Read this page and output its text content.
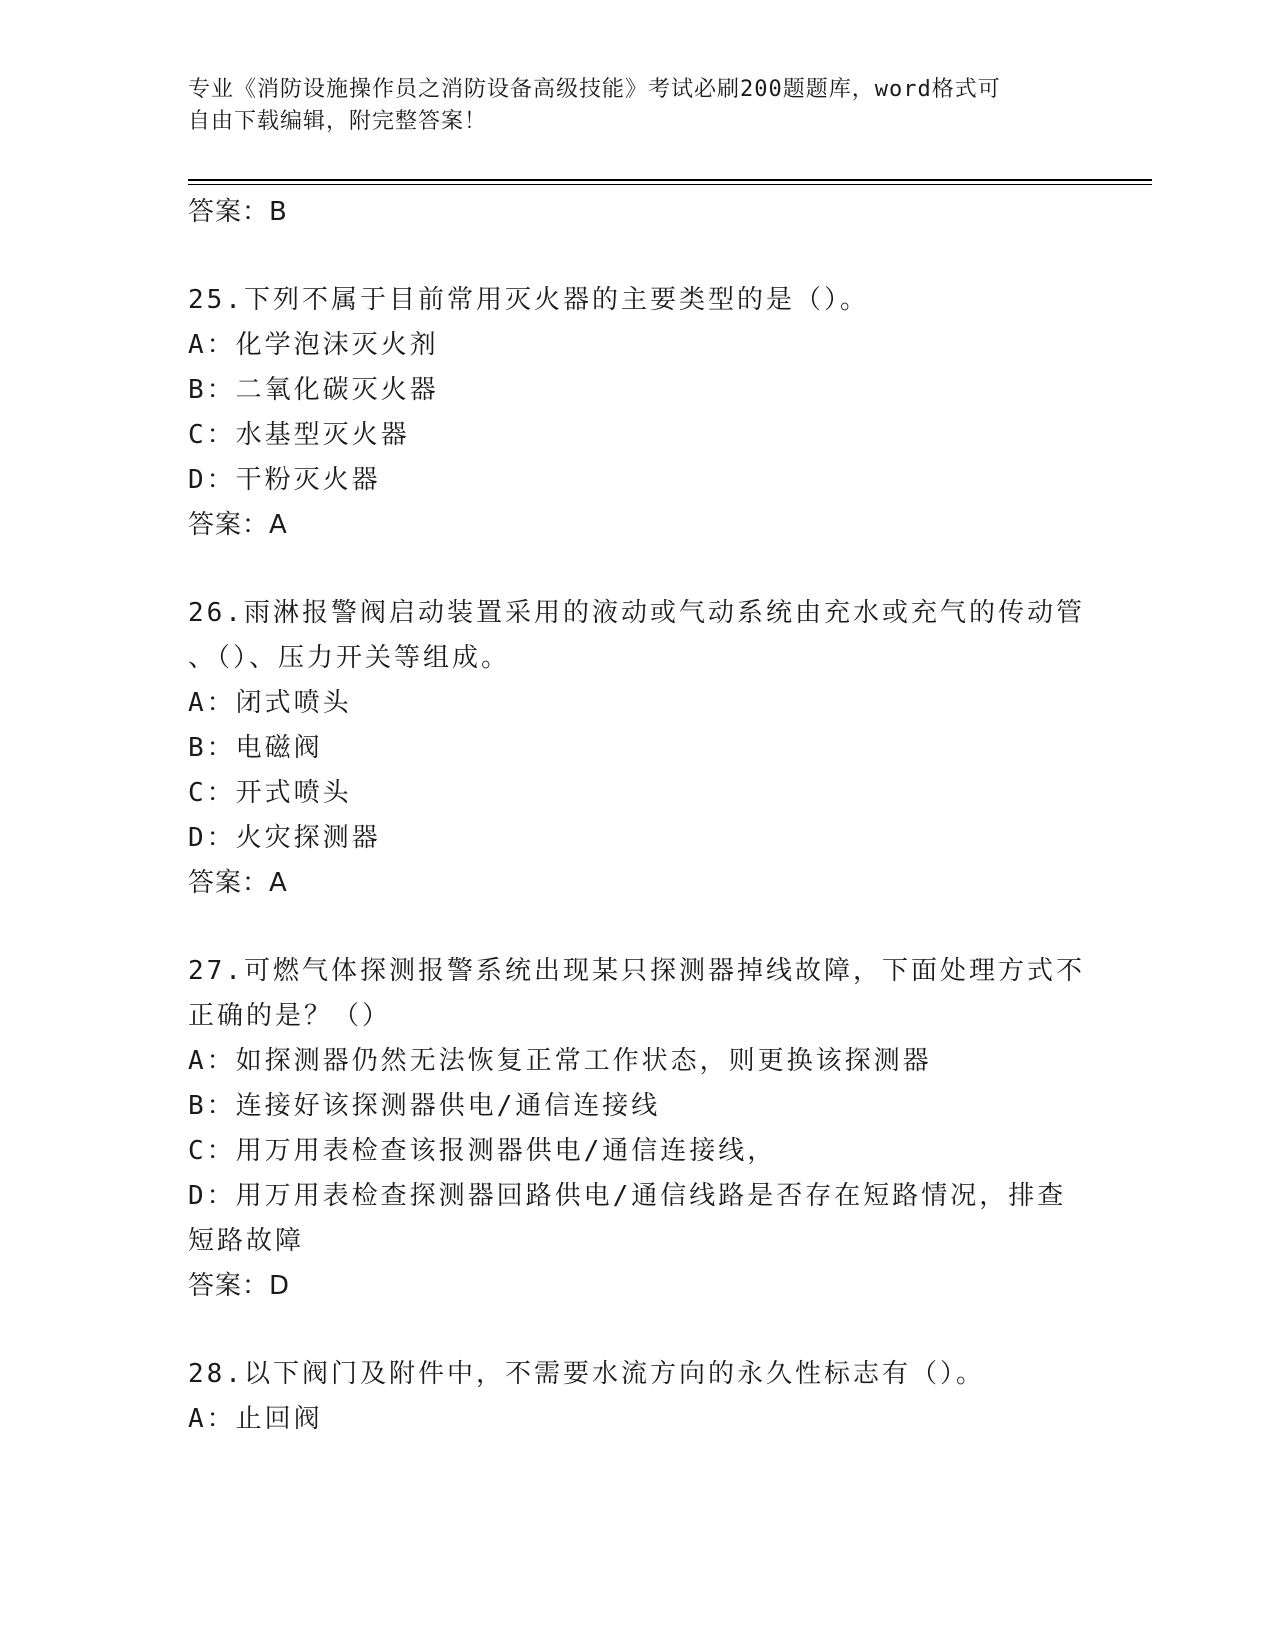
专业《消防设施操作员之消防设备高级技能》考试必刷200题题库，word格式可
自由下载编辑，附完整答案！
答案：B
25.下列不属于目前常用灭火器的主要类型的是（）。
A：化学泡沫灭火剂
B：二氧化碳灭火器
C：水基型灭火器
D：干粉灭火器
答案：A
26.雨淋报警阀启动装置采用的液动或气动系统由充水或充气的传动管
、（）、压力开关等组成。
A：闭式喷头
B：电磁阀
C：开式喷头
D：火灾探测器
答案：A
27.可燃气体探测报警系统出现某只探测器掉线故障，下面处理方式不
正确的是？（）
A：如探测器仍然无法恢复正常工作状态，则更换该探测器
B：连接好该探测器供电/通信连接线
C：用万用表检查该报测器供电/通信连接线，
D：用万用表检查探测器回路供电/通信线路是否存在短路情况，排查
短路故障
答案：D
28.以下阀门及附件中，不需要水流方向的永久性标志有（）。
A：止回阀
